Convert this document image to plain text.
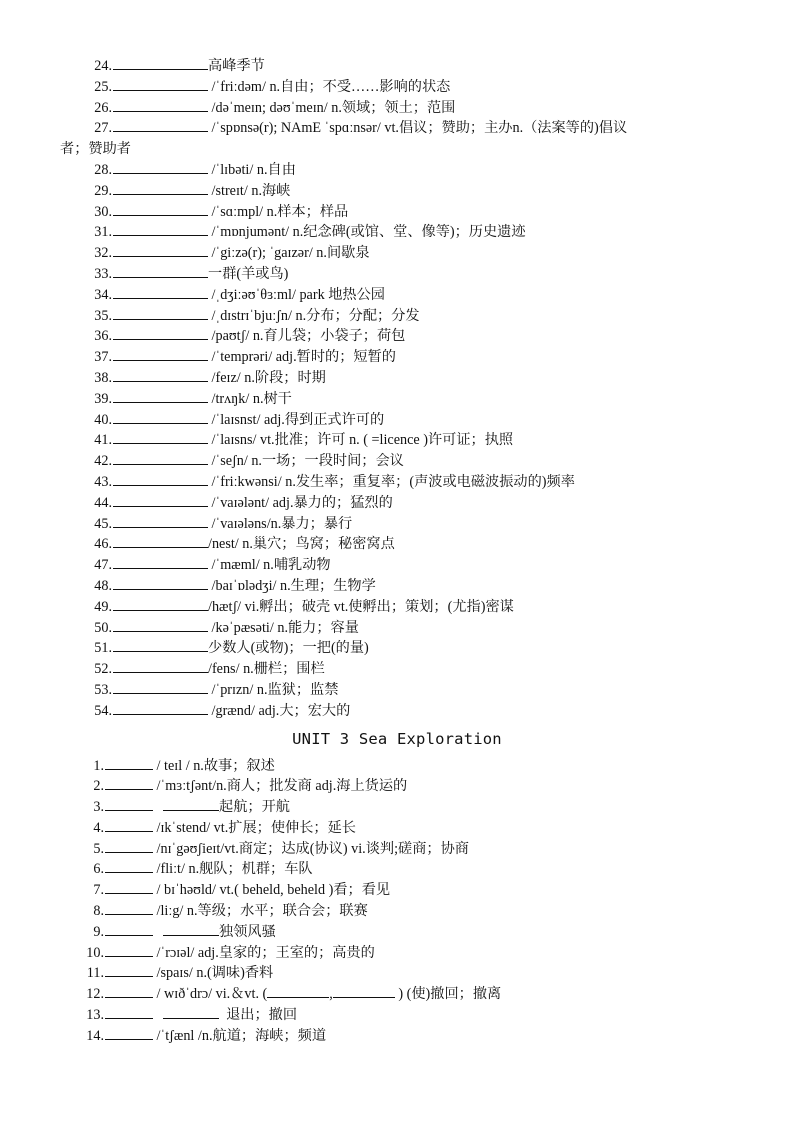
24.	高峰季节
25.	/ˈfriːdəm/ n.自由；不受……影响的状态
26.	/dəˈmeɪn; dəʊˈmeɪn/ n.领域；领土；范围
27.	/ˈspɒnsə(r); NAmE ˈspɑːnsər/ vt.倡议；赞助；主办n.（法案等的)倡议
者；赞助者
28.	/ˈlɪbəti/ n.自由
29.	/streɪt/ n.海峡
30.	/ˈsɑːmpl/ n.样本；样品
31.	/ˈmɒnjumənt/ n.纪念碑(或馆、堂、像等)；历史遗迹
32.	/ˈgiːzə(r); ˈgaɪzər/ n.间歇泉
33.	一群(羊或鸟)
34.	/ˌdʒiːəʊˈθɜːml/ park 地热公园
35.	/ˌdɪstrɪˈbjuːʃn/ n.分布；分配；分发
36.	/paʊtʃ/ n.育儿袋；小袋子；荷包
37.	/ˈtemprəri/ adj.暂时的；短暂的
38.	/feɪz/ n.阶段；时期
39.	/trʌŋk/ n.树干
40.	/ˈlaɪsnst/ adj.得到正式许可的
41.	/ˈlaɪsns/ vt.批准；许可 n. ( =licence )许可证；执照
42.	/ˈseʃn/ n.一场；一段时间；会议
43.	/ˈfriːkwənsi/ n.发生率；重复率；(声波或电磁波振动的)频率
44.	/ˈvaɪələnt/ adj.暴力的；猛烈的
45.	/ˈvaɪələns/n.暴力；暴行
46.	/nest/ n.巢穴；鸟窝；秘密窝点
47.	/ˈmæml/ n.哺乳动物
48.	/baɪˈɒlədʒi/ n.生理；生物学
49.	/hætʃ/ vi.孵出；破壳 vt.使孵出；策划；(尤指)密谋
50.	/kəˈpæsəti/ n.能力；容量
51.	少数人(或物)；一把(的量)
52.	/fens/ n.栅栏；围栏
53.	/ˈprɪzn/ n.监狱；监禁
54.	/grænd/ adj.大；宏大的
UNIT 3 Sea Exploration
1.	/ teɪl / n.故事；叙述
2.	/ˈmɜːtʃənt/n.商人；批发商 adj.海上货运的
3.	起航；开航
4.	/ɪkˈstend/ vt.扩展；使伸长；延长
5.	/nɪˈgəʊʃieɪt/vt.商定；达成(协议) vi.谈判;磋商；协商
6.	/fliːt/ n.舰队；机群；车队
7.	/ bɪˈhəʊld/ vt.( beheld, beheld )看；看见
8.	/liːg/ n.等级；水平；联合会；联赛
9.	独领风骚
10.	/ˈrɔɪəl/ adj.皇家的；王室的；高贵的
11.	/spaɪs/ n.(调味)香料
12.	/ wɪðˈdrɔ/ vi.＆vt. (	,	) (使)撤回；撤离
13.	退出；撤回
14.	/ˈtʃænl /n.航道；海峡；频道
